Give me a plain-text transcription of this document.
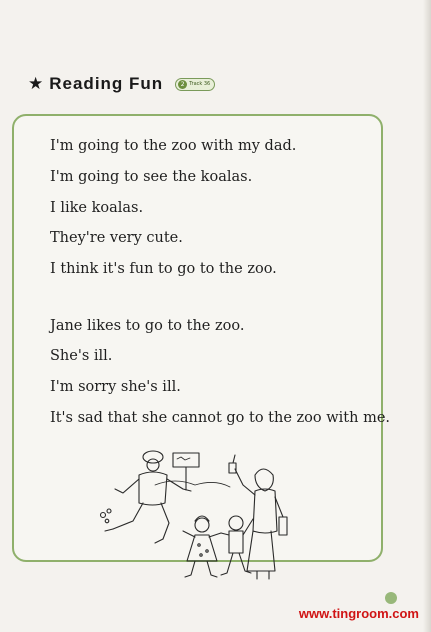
★ Reading Fun	2 Track 36
I'm going to the zoo with my dad.
I'm going to see the koalas.
I like koalas.
They're very cute.
I think it's fun to go to the zoo.
Jane likes to go to the zoo.
She's ill.
I'm sorry she's ill.
It's sad that she cannot go to the zoo with me.
www.tingroom.com
